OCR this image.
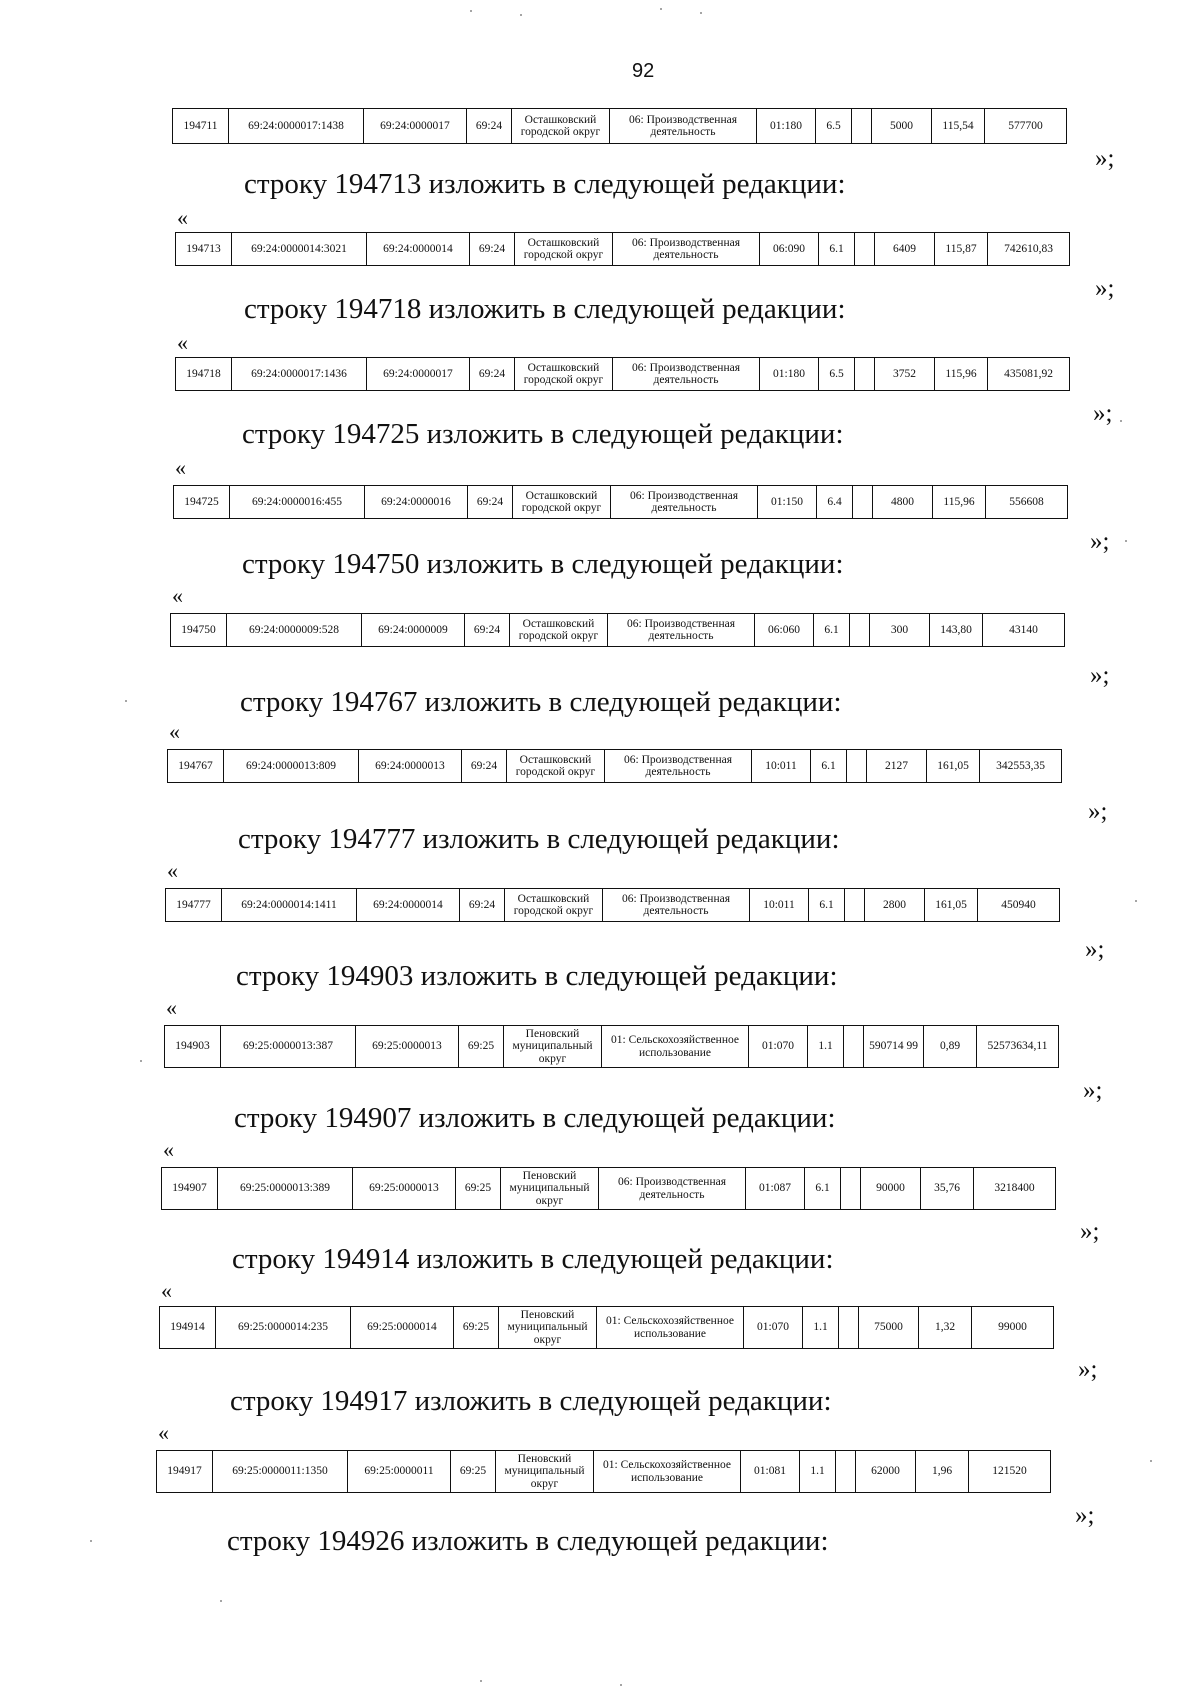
92
194711	69:24:0000017:1438	69:24:0000017	69:24	Осташковский городской округ	06: Производственная деятельность	01:180	6.5		5000	115,54	577700
»;
строку 194713 изложить в следующей редакции:
«
194713	69:24:0000014:3021	69:24:0000014	69:24	Осташковский городской округ	06: Производственная деятельность	06:090	6.1		6409	115,87	742610,83
»;
строку 194718 изложить в следующей редакции:
«
194718	69:24:0000017:1436	69:24:0000017	69:24	Осташковский городской округ	06: Производственная деятельность	01:180	6.5		3752	115,96	435081,92
»;
строку 194725 изложить в следующей редакции:
«
194725	69:24:0000016:455	69:24:0000016	69:24	Осташковский городской округ	06: Производственная деятельность	01:150	6.4		4800	115,96	556608
»;
строку 194750 изложить в следующей редакции:
«
194750	69:24:0000009:528	69:24:0000009	69:24	Осташковский городской округ	06: Производственная деятельность	06:060	6.1		300	143,80	43140
»;
строку 194767 изложить в следующей редакции:
«
194767	69:24:0000013:809	69:24:0000013	69:24	Осташковский городской округ	06: Производственная деятельность	10:011	6.1		2127	161,05	342553,35
»;
строку 194777 изложить в следующей редакции:
«
194777	69:24:0000014:1411	69:24:0000014	69:24	Осташковский городской округ	06: Производственная деятельность	10:011	6.1		2800	161,05	450940
»;
строку 194903 изложить в следующей редакции:
«
194903	69:25:0000013:387	69:25:0000013	69:25	Пеновский муниципальный округ	01: Сельскохозяйственное использование	01:070	1.1		590714 99	0,89	52573634,11
»;
строку 194907 изложить в следующей редакции:
«
194907	69:25:0000013:389	69:25:0000013	69:25	Пеновский муниципальный округ	06: Производственная деятельность	01:087	6.1		90000	35,76	3218400
»;
строку 194914 изложить в следующей редакции:
«
194914	69:25:0000014:235	69:25:0000014	69:25	Пеновский муниципальный округ	01: Сельскохозяйственное использование	01:070	1.1		75000	1,32	99000
»;
строку 194917 изложить в следующей редакции:
«
194917	69:25:0000011:1350	69:25:0000011	69:25	Пеновский муниципальный округ	01: Сельскохозяйственное использование	01:081	1.1		62000	1,96	121520
»;
строку 194926 изложить в следующей редакции:
